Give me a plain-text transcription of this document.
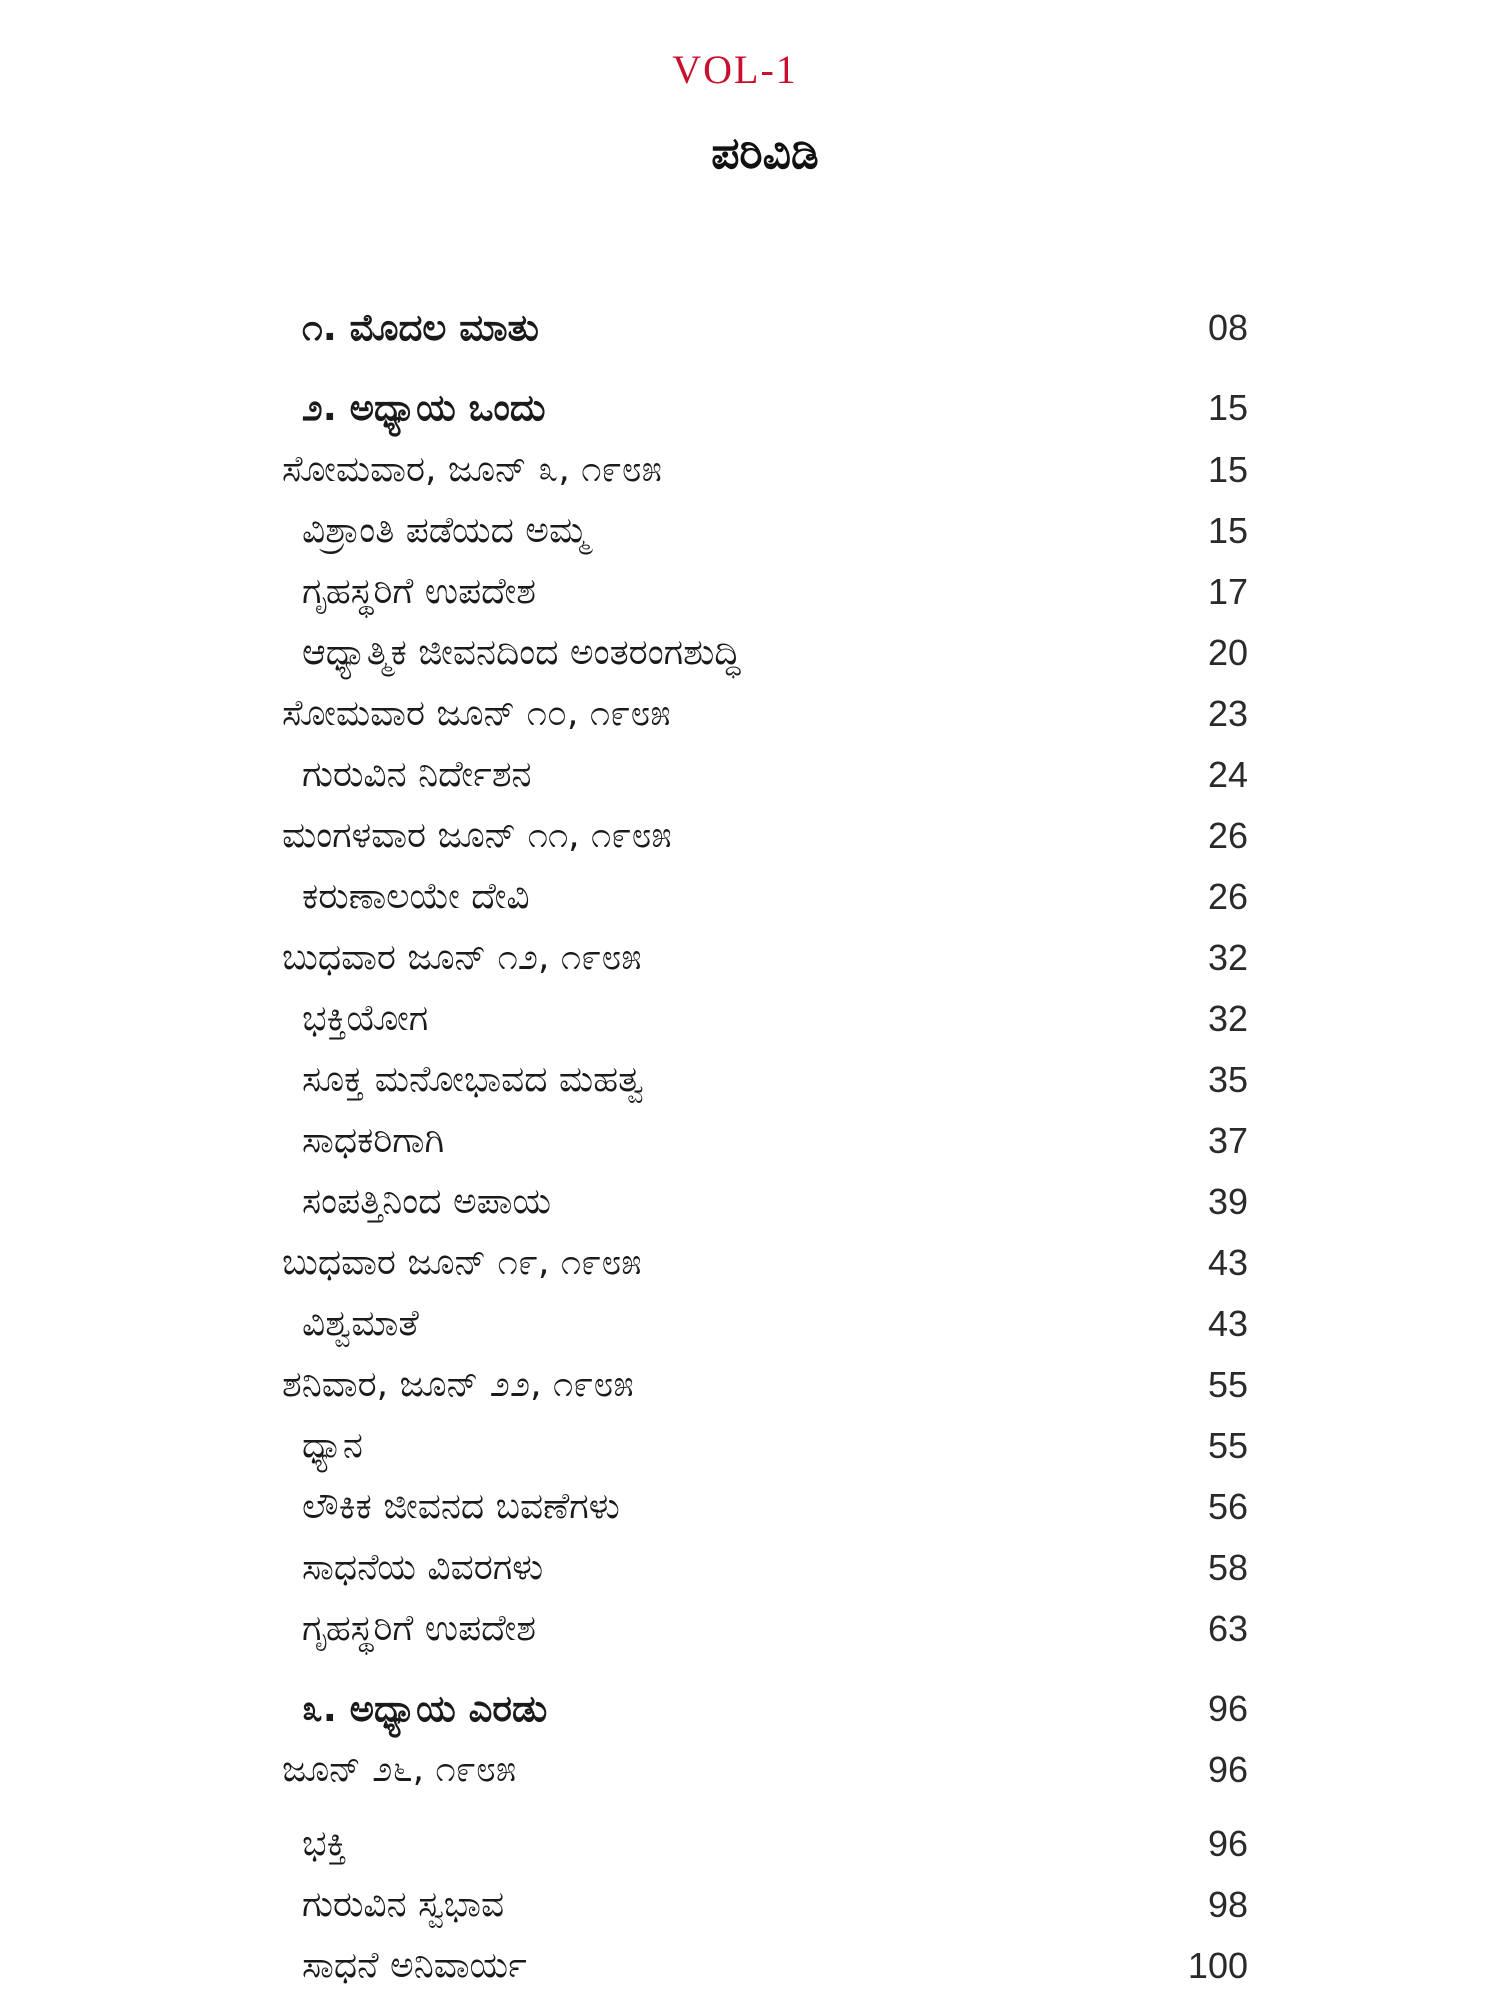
VOL-1
ಪರಿವಿಡಿ
೧. ಮೊದಲ ಮಾತು	08
೨. ಅಧ್ಯಾಯ ಒಂದು	15
ಸೋಮವಾರ, ಜೂನ್ ೩, ೧೯೮೫	15
ವಿಶ್ರಾಂತಿ ಪಡೆಯದ ಅಮ್ಮ	15
ಗೃಹಸ್ಥರಿಗೆ ಉಪದೇಶ	17
ಆಧ್ಯಾತ್ಮಿಕ ಜೀವನದಿಂದ ಅಂತರಂಗಶುದ್ಧಿ	20
ಸೋಮವಾರ ಜೂನ್ ೧೦, ೧೯೮೫	23
ಗುರುವಿನ ನಿರ್ದೇಶನ	24
ಮಂಗಳವಾರ ಜೂನ್ ೧೧, ೧೯೮೫	26
ಕರುಣಾಲಯೇ ದೇವಿ	26
ಬುಧವಾರ ಜೂನ್ ೧೨, ೧೯೮೫	32
ಭಕ್ತಿಯೋಗ	32
ಸೂಕ್ತ ಮನೋಭಾವದ ಮಹತ್ವ	35
ಸಾಧಕರಿಗಾಗಿ	37
ಸಂಪತ್ತಿನಿಂದ ಅಪಾಯ	39
ಬುಧವಾರ ಜೂನ್ ೧೯, ೧೯೮೫	43
ವಿಶ್ವಮಾತೆ	43
ಶನಿವಾರ, ಜೂನ್ ೨೨, ೧೯೮೫	55
ಧ್ಯಾನ	55
ಲೌಕಿಕ ಜೀವನದ ಬವಣೆಗಳು	56
ಸಾಧನೆಯ ವಿವರಗಳು	58
ಗೃಹಸ್ಥರಿಗೆ ಉಪದೇಶ	63
೩. ಅಧ್ಯಾಯ ಎರಡು	96
ಜೂನ್ ೨೬, ೧೯೮೫	96
ಭಕ್ತಿ	96
ಗುರುವಿನ ಸ್ವಭಾವ	98
ಸಾಧನೆ ಅನಿವಾರ್ಯ	100
